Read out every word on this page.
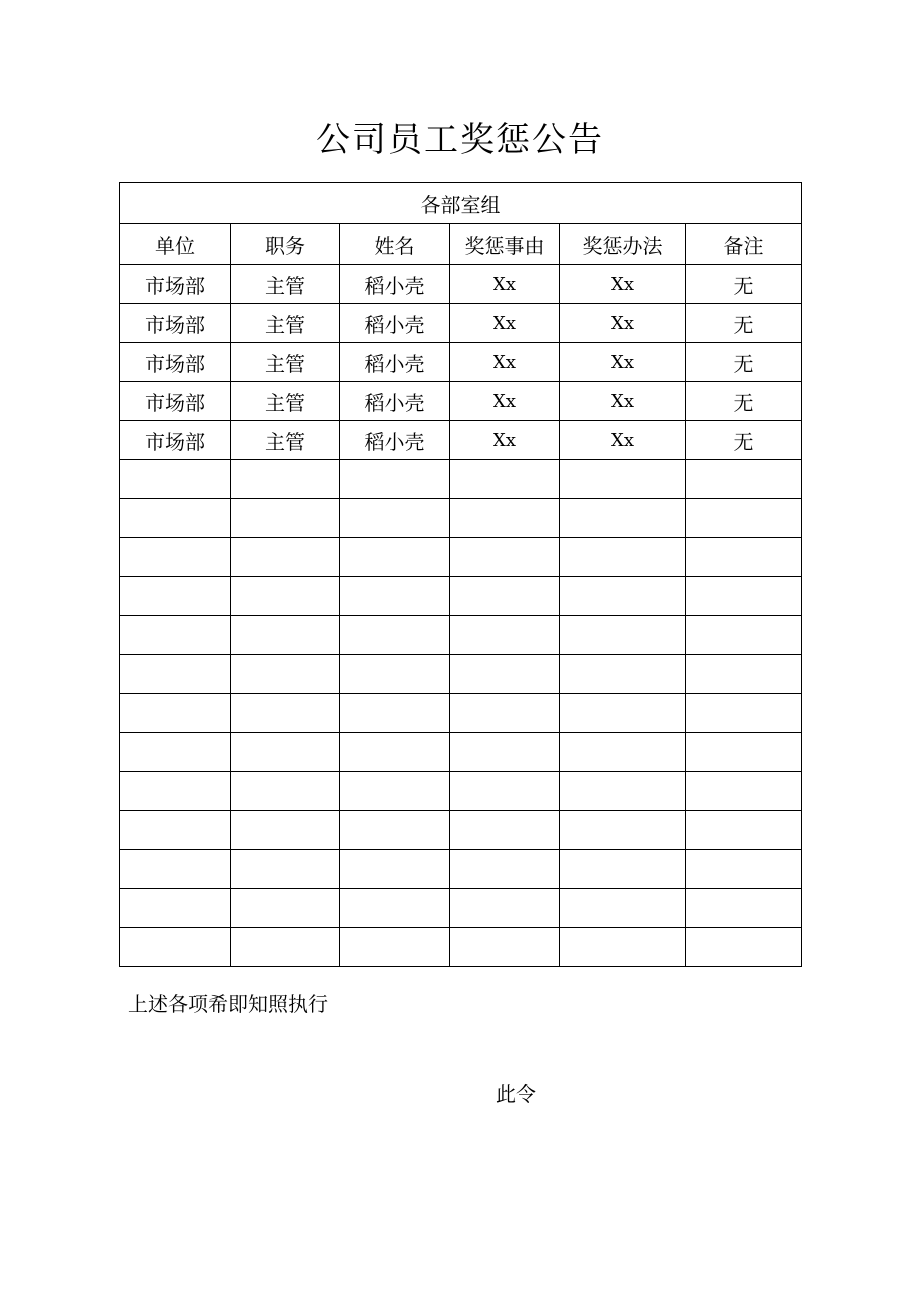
公司员工奖惩公告
各部室组					
单位	职务	姓名	奖惩事由	奖惩办法	备注
市场部	主管	稻小壳	Xx	Xx	无
市场部	主管	稻小壳	Xx	Xx	无
市场部	主管	稻小壳	Xx	Xx	无
市场部	主管	稻小壳	Xx	Xx	无
市场部	主管	稻小壳	Xx	Xx	无

上述各项希即知照执行
此令
